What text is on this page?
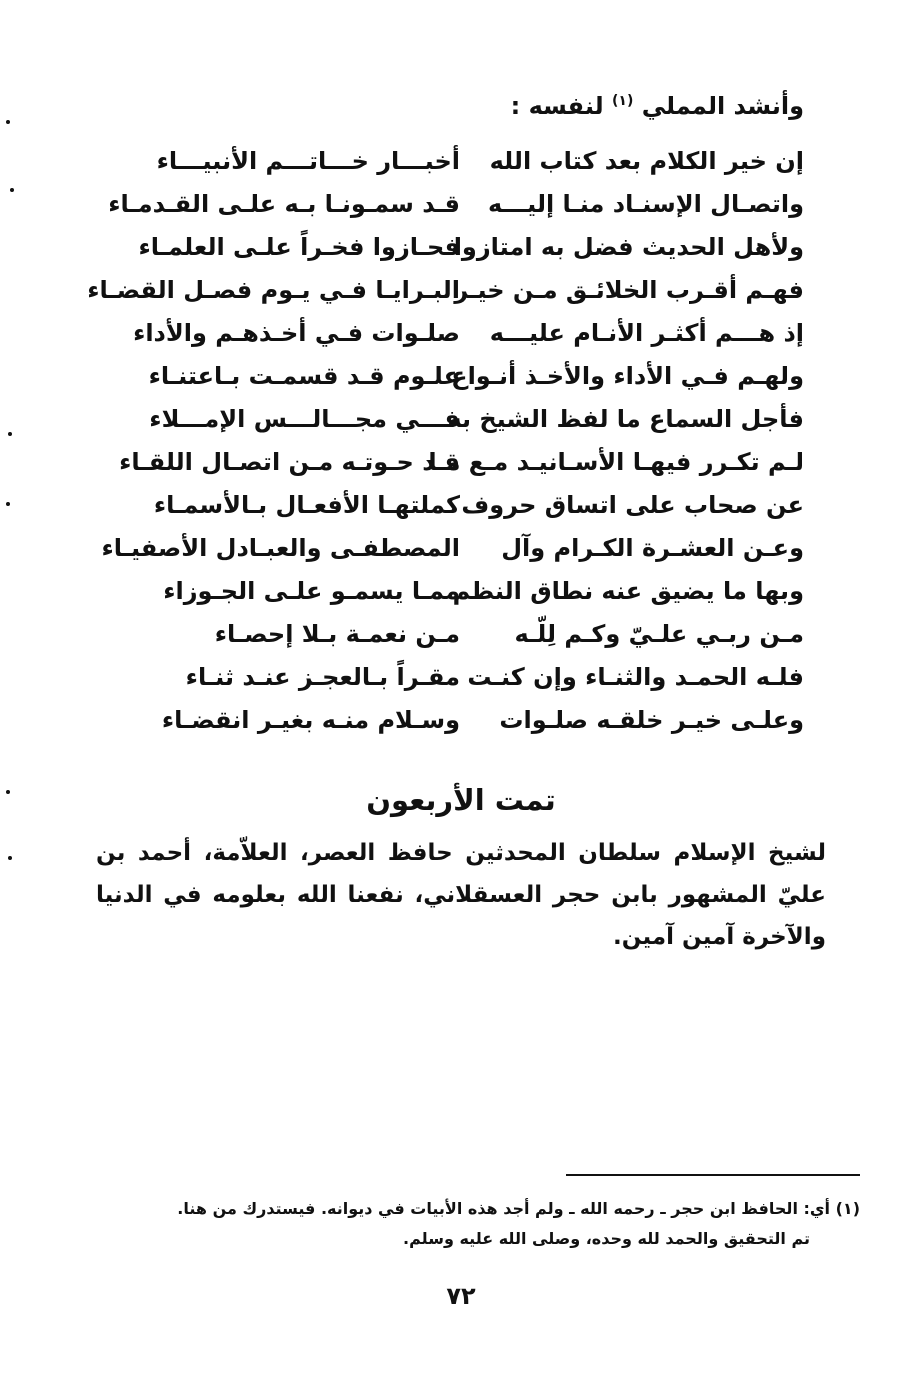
وأنشد المملي $^{(١)}$ لنفسه :
إن خير الكلام بعد كتاب الله
أخبـــار خـــاتـــم الأنبيـــاء
واتصـال الإسنـاد منـا إليـــه
قـد سمـونـا بـه علـى القـدمـاء
ولأهل الحديث فضل به امتازوا
فحـازوا فخـراً علـى العلمـاء
فهـم أقـرب الخلائـق مـن خيـر
البـرايـا فـي يـوم فصـل القضـاء
إذ هـــم أكثـر الأنـام عليـــه
صلـوات فـي أخـذهـم والأداء
ولهـم فـي الأداء والأخـذ أنـواع
علـوم قـد قسمـت بـاعتنـاء
فأجل السماع ما لفظ الشيخ به
فـــي مجـــالـــس الإمـــلاء
لـم تكـرر فيهـا الأسـانيـد مـع مـا
قـد حـوتـه مـن اتصـال اللقـاء
عن صحاب على اتساق حروف
كملتهـا الأفعـال بـالأسمـاء
وعـن العشـرة الكـرام وآل
المصطفـى والعبـادل الأصفيـاء
وبها ما يضيق عنه نطاق النظم
ممـا يسمـو علـى الجـوزاء
مـن ربـي علـيّ وكـم لِلّـه
مـن نعمـة بـلا إحصـاء
فلـه الحمـد والثنـاء وإن كنـت
مقـراً بـالعجـز عنـد ثنـاء
وعلـى خيـر خلقـه صلـوات
وسـلام منـه بغيـر انقضـاء
تمت الأربعون
لشيخ الإسلام سلطان المحدثين حافظ العصر، العلاّمة، أحمد بن عليّ المشهور بابن حجر العسقلاني، نفعنا الله بعلومه في الدنيا والآخرة آمين آمين.
(١) أي: الحافظ ابن حجر ـ رحمه الله ـ ولم أجد هذه الأبيات في ديوانه. فيستدرك من هنا.
تم التحقيق والحمد لله وحده، وصلى الله عليه وسلم.
٧٢
